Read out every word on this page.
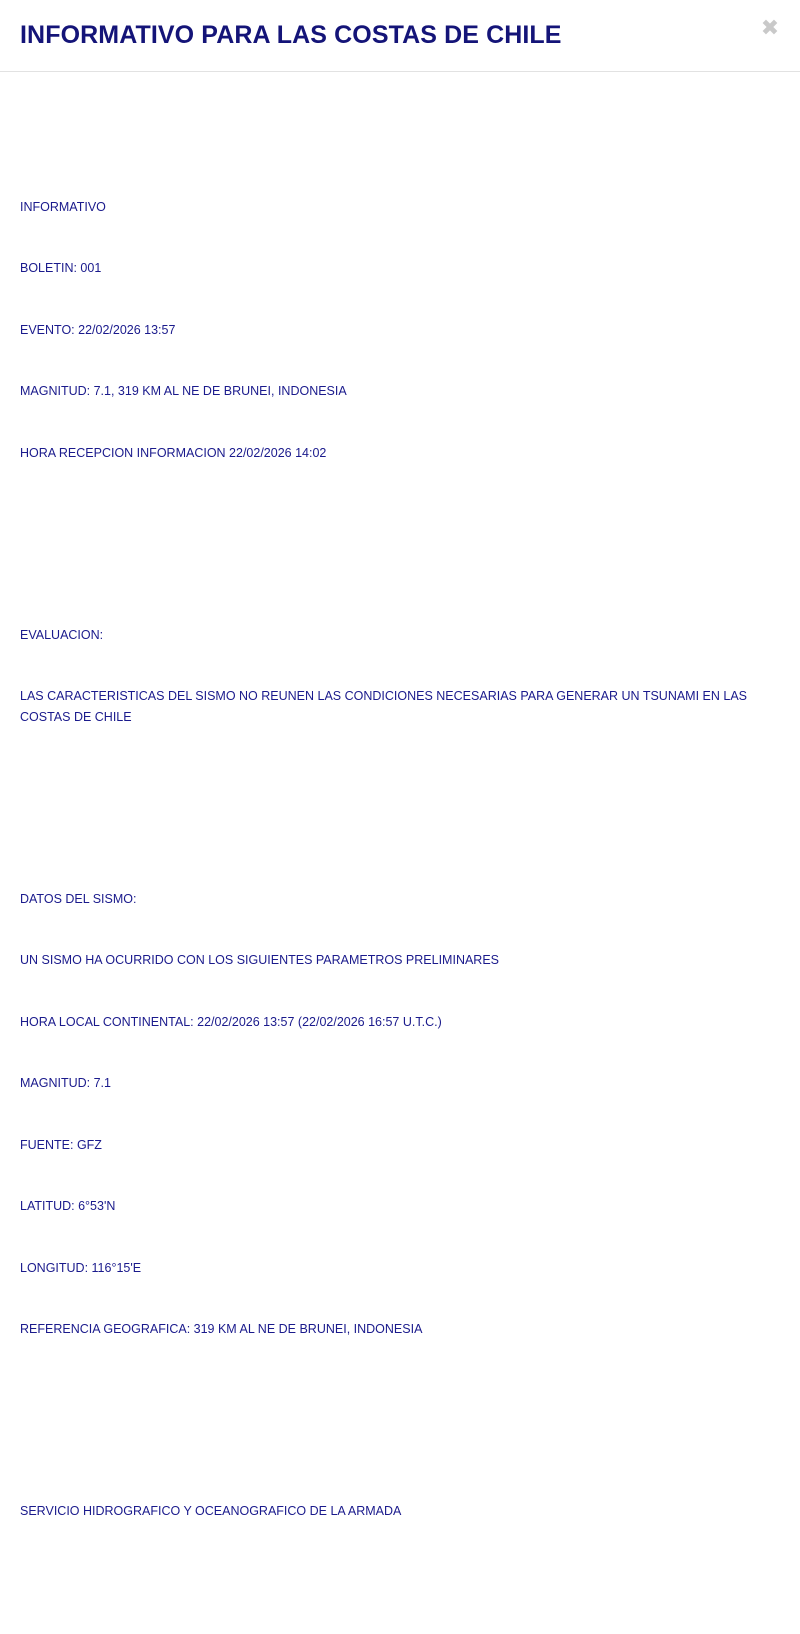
INFORMATIVO PARA LAS COSTAS DE CHILE	✖

INFORMATIVO

BOLETIN: 001

EVENTO: 22/02/2026 13:57

MAGNITUD: 7.1, 319 KM AL NE DE BRUNEI, INDONESIA

HORA RECEPCION INFORMACION 22/02/2026 14:02

EVALUACION:

LAS CARACTERISTICAS DEL SISMO NO REUNEN LAS CONDICIONES NECESARIAS PARA GENERAR UN TSUNAMI EN LAS COSTAS DE CHILE

DATOS DEL SISMO:

UN SISMO HA OCURRIDO CON LOS SIGUIENTES PARAMETROS PRELIMINARES

HORA LOCAL CONTINENTAL: 22/02/2026 13:57 (22/02/2026 16:57 U.T.C.)

MAGNITUD: 7.1

FUENTE: GFZ

LATITUD: 6°53'N

LONGITUD: 116°15'E

REFERENCIA GEOGRAFICA: 319 KM AL NE DE BRUNEI, INDONESIA

SERVICIO HIDROGRAFICO Y OCEANOGRAFICO DE LA ARMADA
